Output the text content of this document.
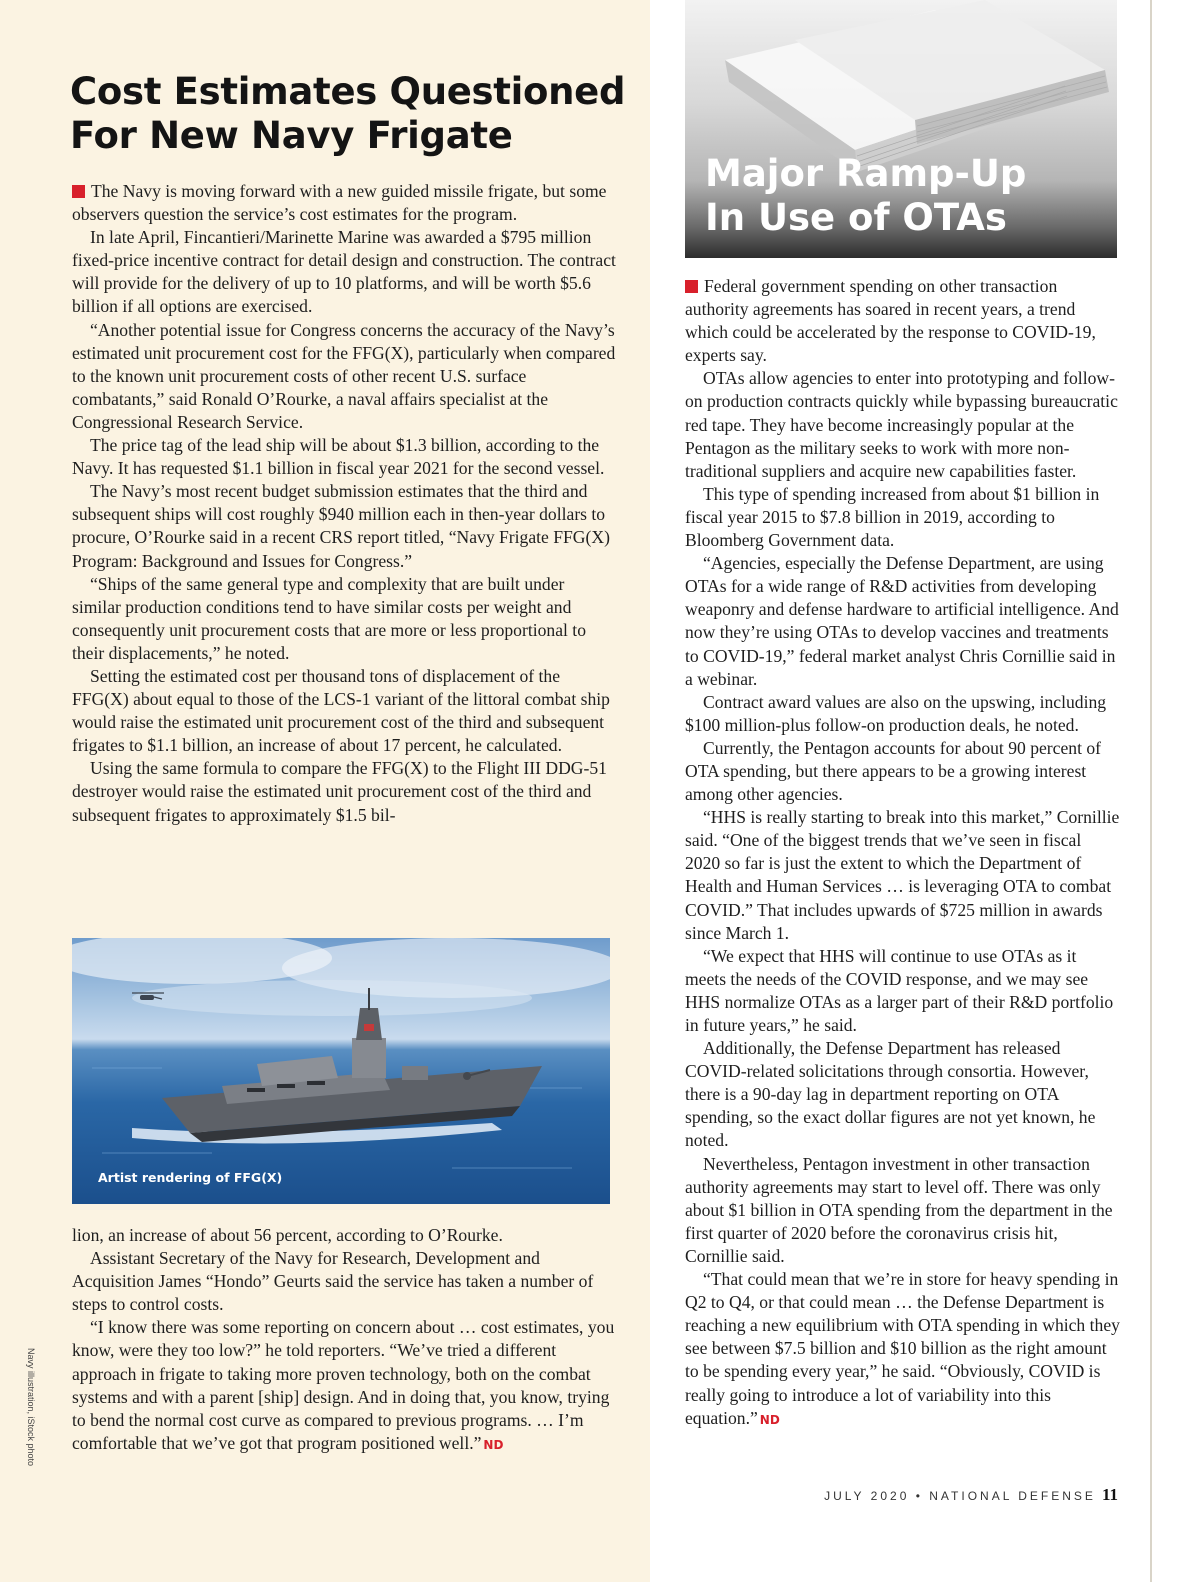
Cost Estimates Questioned
For New Navy Frigate

The Navy is moving forward with a new guided missile frigate, but some observers question the service’s cost estimates for the program.

In late April, Fincantieri/Marinette Marine was awarded a $795 million fixed-price incentive contract for detail design and construction. The contract will provide for the delivery of up to 10 platforms, and will be worth $5.6 billion if all options are exercised.

“Another potential issue for Congress concerns the accuracy of the Navy’s estimated unit procurement cost for the FFG(X), particularly when compared to the known unit procurement costs of other recent U.S. surface combatants,” said Ronald O’Rourke, a naval affairs specialist at the Congressional Research Service.

The price tag of the lead ship will be about $1.3 billion, according to the Navy. It has requested $1.1 billion in fiscal year 2021 for the second vessel.

The Navy’s most recent budget submission estimates that the third and subsequent ships will cost roughly $940 million each in then-year dollars to procure, O’Rourke said in a recent CRS report titled, “Navy Frigate FFG(X) Program: Background and Issues for Congress.”

“Ships of the same general type and complexity that are built under similar production conditions tend to have similar costs per weight and consequently unit procurement costs that are more or less proportional to their displacements,” he noted.

Setting the estimated cost per thousand tons of displacement of the FFG(X) about equal to those of the LCS-1 variant of the littoral combat ship would raise the estimated unit procurement cost of the third and subsequent frigates to $1.1 billion, an increase of about 17 percent, he calculated.

Using the same formula to compare the FFG(X) to the Flight III DDG-51 destroyer would raise the estimated unit procurement cost of the third and subsequent frigates to approximately $1.5 bil-

Artist rendering of FFG(X)

lion, an increase of about 56 percent, according to O’Rourke.

Assistant Secretary of the Navy for Research, Development and Acquisition James “Hondo” Geurts said the service has taken a number of steps to control costs.

“I know there was some reporting on concern about … cost estimates, you know, were they too low?” he told reporters. “We’ve tried a different approach in frigate to taking more proven technology, both on the combat systems and with a parent [ship] design. And in doing that, you know, trying to bend the normal cost curve as compared to previous programs. … I’m comfortable that we’ve got that program positioned well.” ND

Major Ramp-Up
In Use of OTAs

Federal government spending on other transaction authority agreements has soared in recent years, a trend which could be accelerated by the response to COVID-19, experts say.

OTAs allow agencies to enter into prototyping and follow-on production contracts quickly while bypassing bureaucratic red tape. They have become increasingly popular at the Pentagon as the military seeks to work with more non-traditional suppliers and acquire new capabilities faster.

This type of spending increased from about $1 billion in fiscal year 2015 to $7.8 billion in 2019, according to Bloomberg Government data.

“Agencies, especially the Defense Department, are using OTAs for a wide range of R&D activities from developing weaponry and defense hardware to artificial intelligence. And now they’re using OTAs to develop vaccines and treatments to COVID-19,” federal market analyst Chris Cornillie said in a webinar.

Contract award values are also on the upswing, including $100 million-plus follow-on production deals, he noted.

Currently, the Pentagon accounts for about 90 percent of OTA spending, but there appears to be a growing interest among other agencies.

“HHS is really starting to break into this market,” Cornillie said. “One of the biggest trends that we’ve seen in fiscal 2020 so far is just the extent to which the Department of Health and Human Services … is leveraging OTA to combat COVID.” That includes upwards of $725 million in awards since March 1.

“We expect that HHS will continue to use OTAs as it meets the needs of the COVID response, and we may see HHS normalize OTAs as a larger part of their R&D portfolio in future years,” he said.

Additionally, the Defense Department has released COVID-related solicitations through consortia. However, there is a 90-day lag in department reporting on OTA spending, so the exact dollar figures are not yet known, he noted.

Nevertheless, Pentagon investment in other transaction authority agreements may start to level off. There was only about $1 billion in OTA spending from the department in the first quarter of 2020 before the coronavirus crisis hit, Cornillie said.

“That could mean that we’re in store for heavy spending in Q2 to Q4, or that could mean … the Defense Department is reaching a new equilibrium with OTA spending in which they see between $7.5 billion and $10 billion as the right amount to be spending every year,” he said. “Obviously, COVID is really going to introduce a lot of variability into this equation.” ND

Navy illustration, iStock photo
JULY 2020 • NATIONAL DEFENSE 11
